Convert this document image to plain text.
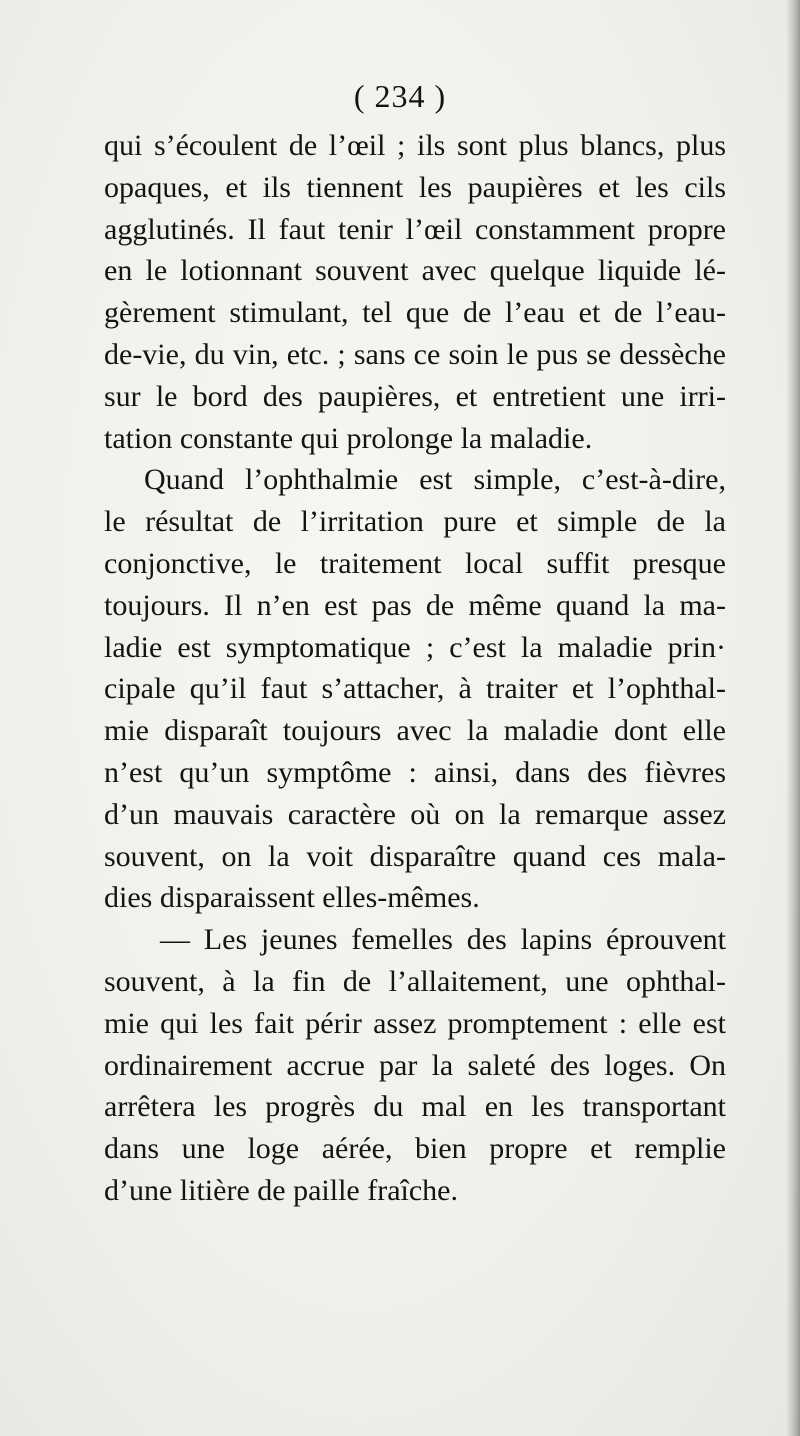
( 234 )
qui s’écoulent de l’œil ; ils sont plus blancs, plus
opaques, et ils tiennent les paupières et les cils
agglutinés. Il faut tenir l’œil constamment propre
en le lotionnant souvent avec quelque liquide lé-
gèrement stimulant, tel que de l’eau et de l’eau-
de-vie, du vin, etc. ; sans ce soin le pus se dessèche
sur le bord des paupières, et entretient une irri-
tation constante qui prolonge la maladie.
Quand l’ophthalmie est simple, c’est-à-dire,
le résultat de l’irritation pure et simple de la
conjonctive, le traitement local suffit presque
toujours. Il n’en est pas de même quand la ma-
ladie est symptomatique ; c’est la maladie prin·
cipale qu’il faut s’attacher, à traiter et l’ophthal-
mie disparaît toujours avec la maladie dont elle
n’est qu’un symptôme : ainsi, dans des fièvres
d’un mauvais caractère où on la remarque assez
souvent, on la voit disparaître quand ces mala-
dies disparaissent elles-mêmes.
— Les jeunes femelles des lapins éprouvent
souvent, à la fin de l’allaitement, une ophthal-
mie qui les fait périr assez promptement : elle est
ordinairement accrue par la saleté des loges. On
arrêtera les progrès du mal en les transportant
dans une loge aérée, bien propre et remplie
d’une litière de paille fraîche.
